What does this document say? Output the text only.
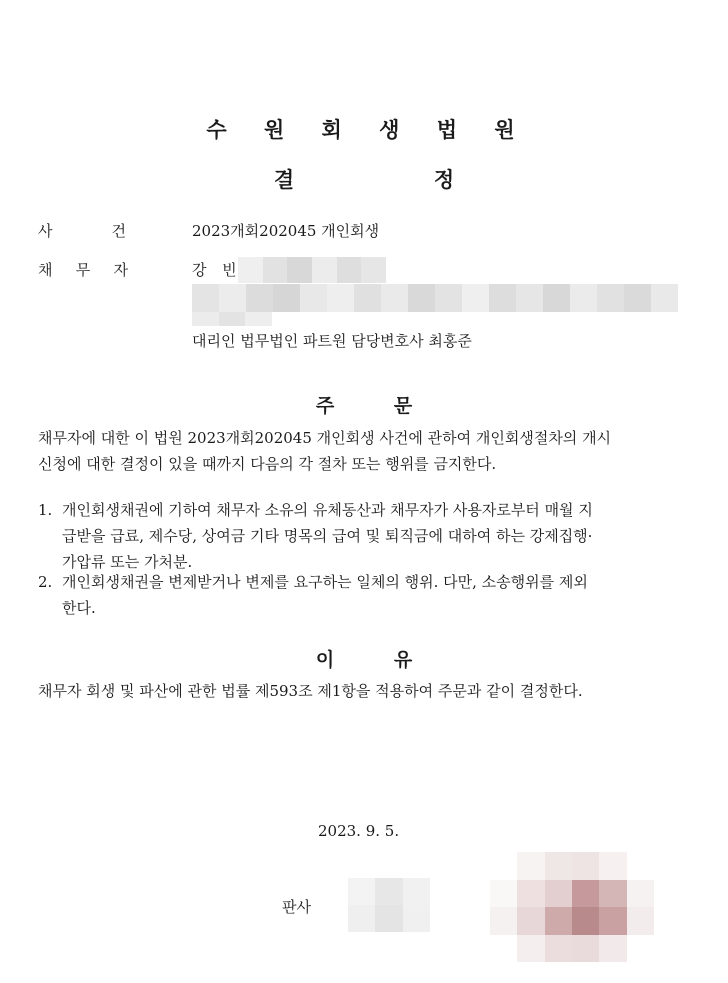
수 원 회 생 법 원
결	정
사	건	2023개회202045 개인회생
채 무 자	강 빈
대리인 법무법인 파트원 담당변호사 최홍준
주	문
채무자에 대한 이 법원 2023개회202045 개인회생 사건에 관하여 개인회생절차의 개시
신청에 대한 결정이 있을 때까지 다음의 각 절차 또는 행위를 금지한다.
1. 개인회생채권에 기하여 채무자 소유의 유체동산과 채무자가 사용자로부터 매월 지
급받을 급료, 제수당, 상여금 기타 명목의 급여 및 퇴직금에 대하여 하는 강제집행·
가압류 또는 가처분.
2. 개인회생채권을 변제받거나 변제를 요구하는 일체의 행위. 다만, 소송행위를 제외
한다.
이	유
채무자 회생 및 파산에 관한 법률 제593조 제1항을 적용하여 주문과 같이 결정한다.
2023. 9. 5.
판사
